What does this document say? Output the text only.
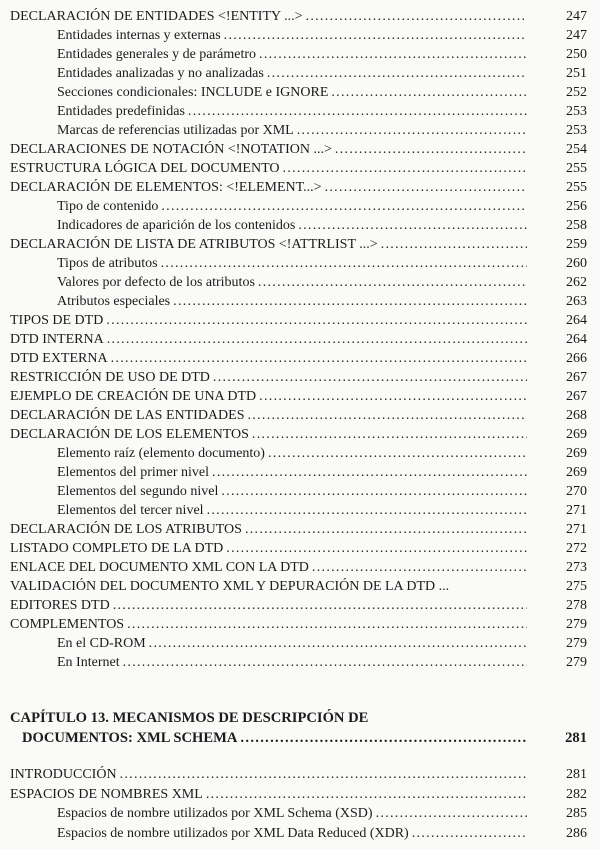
DECLARACIÓN DE ENTIDADES <!ENTITY ...> .....	247
Entidades internas y externas .....	247
Entidades generales y de parámetro .....	250
Entidades analizadas y no analizadas .....	251
Secciones condicionales: INCLUDE e IGNORE .....	252
Entidades predefinidas .....	253
Marcas de referencias utilizadas por XML .....	253
DECLARACIONES DE NOTACIÓN <!NOTATION ...> .....	254
ESTRUCTURA LÓGICA DEL DOCUMENTO .....	255
DECLARACIÓN DE ELEMENTOS: <!ELEMENT...> .....	255
Tipo de contenido .....	256
Indicadores de aparición de los contenidos .....	258
DECLARACIÓN DE LISTA DE ATRIBUTOS <!ATTRLIST ...> .....	259
Tipos de atributos .....	260
Valores por defecto de los atributos .....	262
Atributos especiales .....	263
TIPOS DE DTD .....	264
DTD INTERNA .....	264
DTD EXTERNA .....	266
RESTRICCIÓN DE USO DE DTD .....	267
EJEMPLO DE CREACIÓN DE UNA DTD .....	267
DECLARACIÓN DE LAS ENTIDADES .....	268
DECLARACIÓN DE LOS ELEMENTOS .....	269
Elemento raíz (elemento documento) .....	269
Elementos del primer nivel .....	269
Elementos del segundo nivel .....	270
Elementos del tercer nivel .....	271
DECLARACIÓN DE LOS ATRIBUTOS .....	271
LISTADO COMPLETO DE LA DTD .....	272
ENLACE DEL DOCUMENTO XML CON LA DTD .....	273
VALIDACIÓN DEL DOCUMENTO XML Y DEPURACIÓN DE LA DTD ...	275
EDITORES DTD .....	278
COMPLEMENTOS .....	279
En el CD-ROM .....	279
En Internet .....	279
CAPÍTULO 13. MECANISMOS DE DESCRIPCIÓN DE
DOCUMENTOS: XML SCHEMA .....	281
INTRODUCCIÓN .....	281
ESPACIOS DE NOMBRES XML .....	282
Espacios de nombre utilizados por XML Schema (XSD) .....	285
Espacios de nombre utilizados por XML Data Reduced (XDR) .....	286
